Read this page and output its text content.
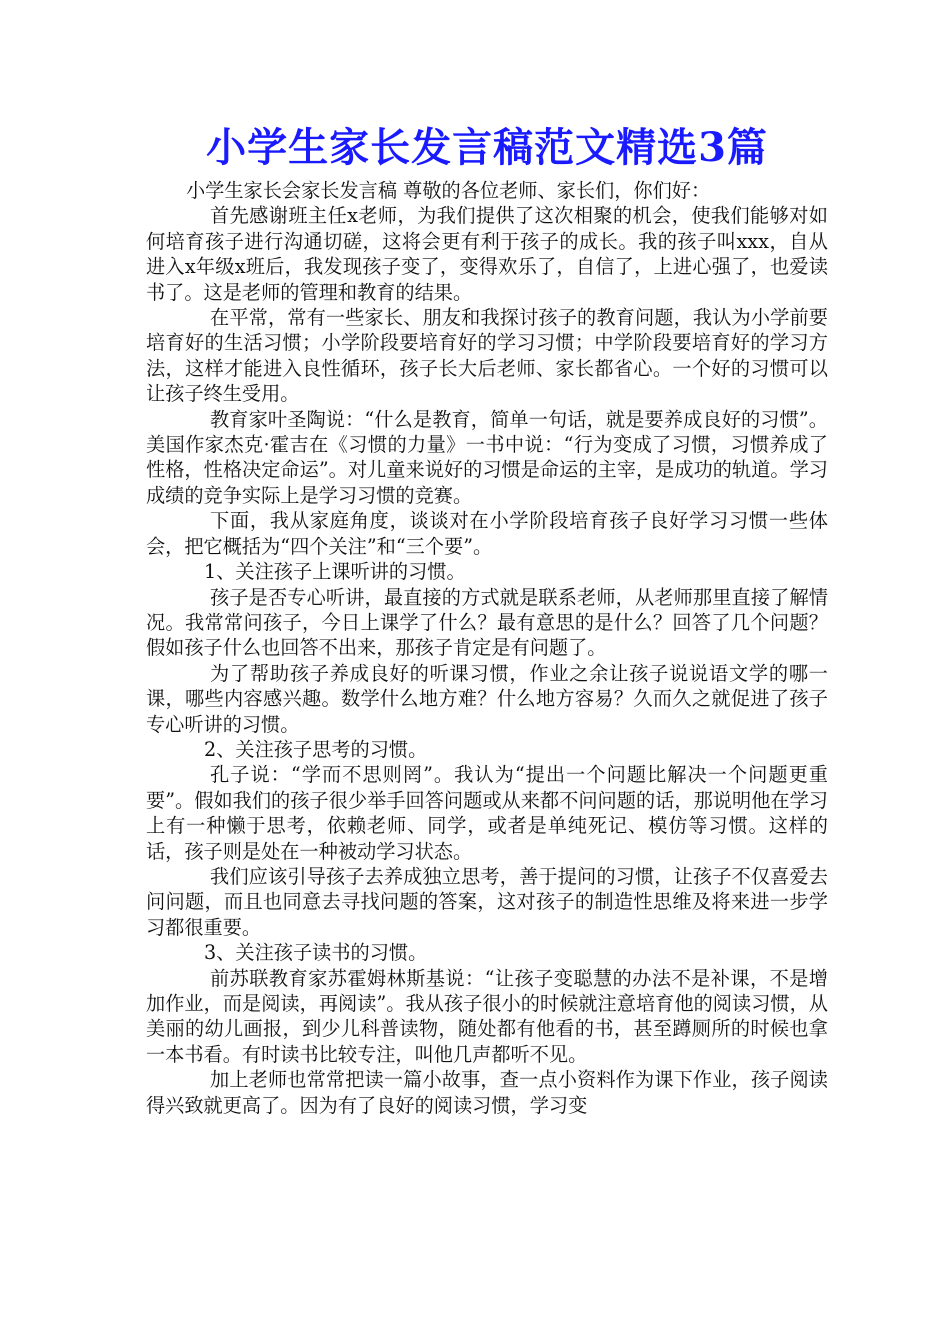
小学生家长发言稿范文精选3篇

小学生家长会家长发言稿 尊敬的各位老师、家长们，你们好：

首先感谢班主任x老师，为我们提供了这次相聚的机会，使我们能够对如何培育孩子进行沟通切磋，这将会更有利于孩子的成长。我的孩子叫xxx，自从进入x年级x班后，我发现孩子变了，变得欢乐了，自信了，上进心强了，也爱读书了。这是老师的管理和教育的结果。

在平常，常有一些家长、朋友和我探讨孩子的教育问题，我认为小学前要培育好的生活习惯；小学阶段要培育好的学习习惯；中学阶段要培育好的学习方法，这样才能进入良性循环，孩子长大后老师、家长都省心。一个好的习惯可以让孩子终生受用。

教育家叶圣陶说：“什么是教育，简单一句话，就是要养成良好的习惯”。美国作家杰克·霍吉在《习惯的力量》一书中说：“行为变成了习惯，习惯养成了性格，性格决定命运”。对儿童来说好的习惯是命运的主宰，是成功的轨道。学习成绩的竞争实际上是学习习惯的竞赛。

下面，我从家庭角度，谈谈对在小学阶段培育孩子良好学习习惯一些体会，把它概括为“四个关注”和“三个要”。

1、关注孩子上课听讲的习惯。

孩子是否专心听讲，最直接的方式就是联系老师，从老师那里直接了解情况。我常常问孩子，今日上课学了什么？最有意思的是什么？回答了几个问题？假如孩子什么也回答不出来，那孩子肯定是有问题了。

为了帮助孩子养成良好的听课习惯，作业之余让孩子说说语文学的哪一课，哪些内容感兴趣。数学什么地方难？什么地方容易？久而久之就促进了孩子专心听讲的习惯。

2、关注孩子思考的习惯。

孔子说：“学而不思则罔”。我认为“提出一个问题比解决一个问题更重要”。假如我们的孩子很少举手回答问题或从来都不问问题的话，那说明他在学习上有一种懒于思考，依赖老师、同学，或者是单纯死记、模仿等习惯。这样的话，孩子则是处在一种被动学习状态。

我们应该引导孩子去养成独立思考，善于提问的习惯，让孩子不仅喜爱去问问题，而且也同意去寻找问题的答案，这对孩子的制造性思维及将来进一步学习都很重要。

3、关注孩子读书的习惯。

前苏联教育家苏霍姆林斯基说：“让孩子变聪慧的办法不是补课，不是增加作业，而是阅读，再阅读”。我从孩子很小的时候就注意培育他的阅读习惯，从美丽的幼儿画报，到少儿科普读物，随处都有他看的书，甚至蹲厕所的时候也拿一本书看。有时读书比较专注，叫他几声都听不见。

加上老师也常常把读一篇小故事，查一点小资料作为课下作业，孩子阅读得兴致就更高了。因为有了良好的阅读习惯，学习变
